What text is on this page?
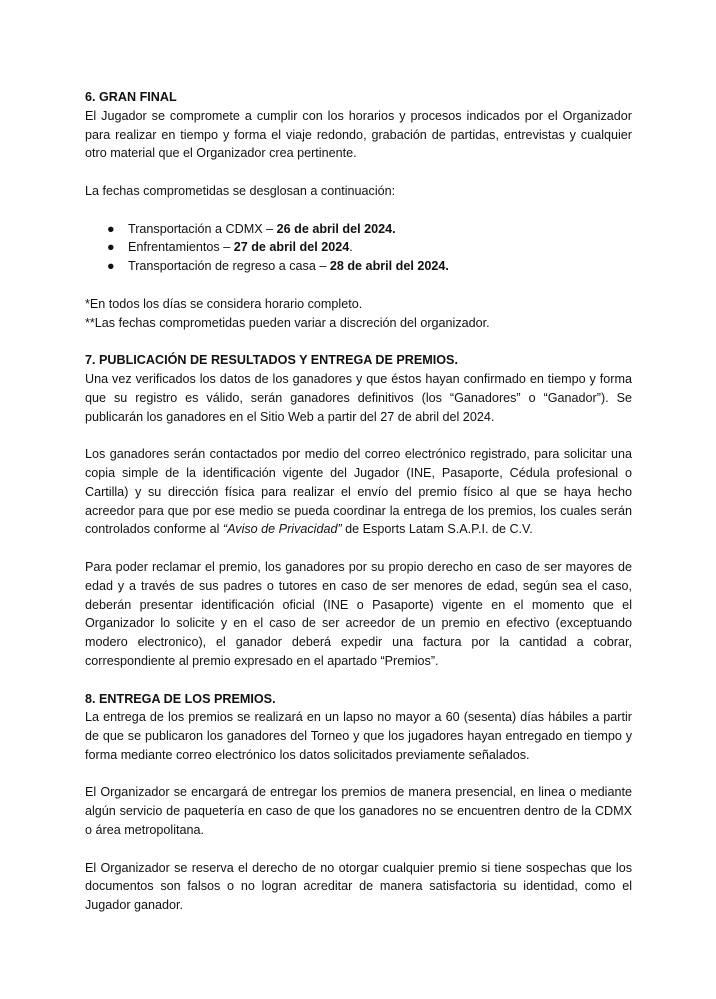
6. GRAN FINAL

El Jugador se compromete a cumplir con los horarios y procesos indicados por el Organizador para realizar en tiempo y forma el viaje redondo, grabación de partidas, entrevistas y cualquier otro material que el Organizador crea pertinente.

La fechas comprometidas se desglosan a continuación:

● Transportación a CDMX – 26 de abril del 2024.
● Enfrentamientos – 27 de abril del 2024.
● Transportación de regreso a casa – 28 de abril del 2024.

*En todos los días se considera horario completo.

**Las fechas comprometidas pueden variar a discreción del organizador.

7. PUBLICACIÓN DE RESULTADOS Y ENTREGA DE PREMIOS.

Una vez verificados los datos de los ganadores y que éstos hayan confirmado en tiempo y forma que su registro es válido, serán ganadores definitivos (los “Ganadores” o “Ganador”). Se publicarán los ganadores en el Sitio Web a partir del 27 de abril del 2024.

Los ganadores serán contactados por medio del correo electrónico registrado, para solicitar una copia simple de la identificación vigente del Jugador (INE, Pasaporte, Cédula profesional o Cartilla) y su dirección física para realizar el envío del premio físico al que se haya hecho acreedor para que por ese medio se pueda coordinar la entrega de los premios, los cuales serán controlados conforme al “Aviso de Privacidad” de Esports Latam S.A.P.I. de C.V.

Para poder reclamar el premio, los ganadores por su propio derecho en caso de ser mayores de edad y a través de sus padres o tutores en caso de ser menores de edad, según sea el caso, deberán presentar identificación oficial (INE o Pasaporte) vigente en el momento que el Organizador lo solicite y en el caso de ser acreedor de un premio en efectivo (exceptuando modero electronico), el ganador deberá expedir una factura por la cantidad a cobrar, correspondiente al premio expresado en el apartado “Premios”.

8. ENTREGA DE LOS PREMIOS.

La entrega de los premios se realizará en un lapso no mayor a 60 (sesenta) días hábiles a partir de que se publicaron los ganadores del Torneo y que los jugadores hayan entregado en tiempo y forma mediante correo electrónico los datos solicitados previamente señalados.

El Organizador se encargará de entregar los premios de manera presencial, en linea o mediante algún servicio de paquetería en caso de que los ganadores no se encuentren dentro de la CDMX o área metropolitana.

El Organizador se reserva el derecho de no otorgar cualquier premio si tiene sospechas que los documentos son falsos o no logran acreditar de manera satisfactoria su identidad, como el Jugador ganador.
